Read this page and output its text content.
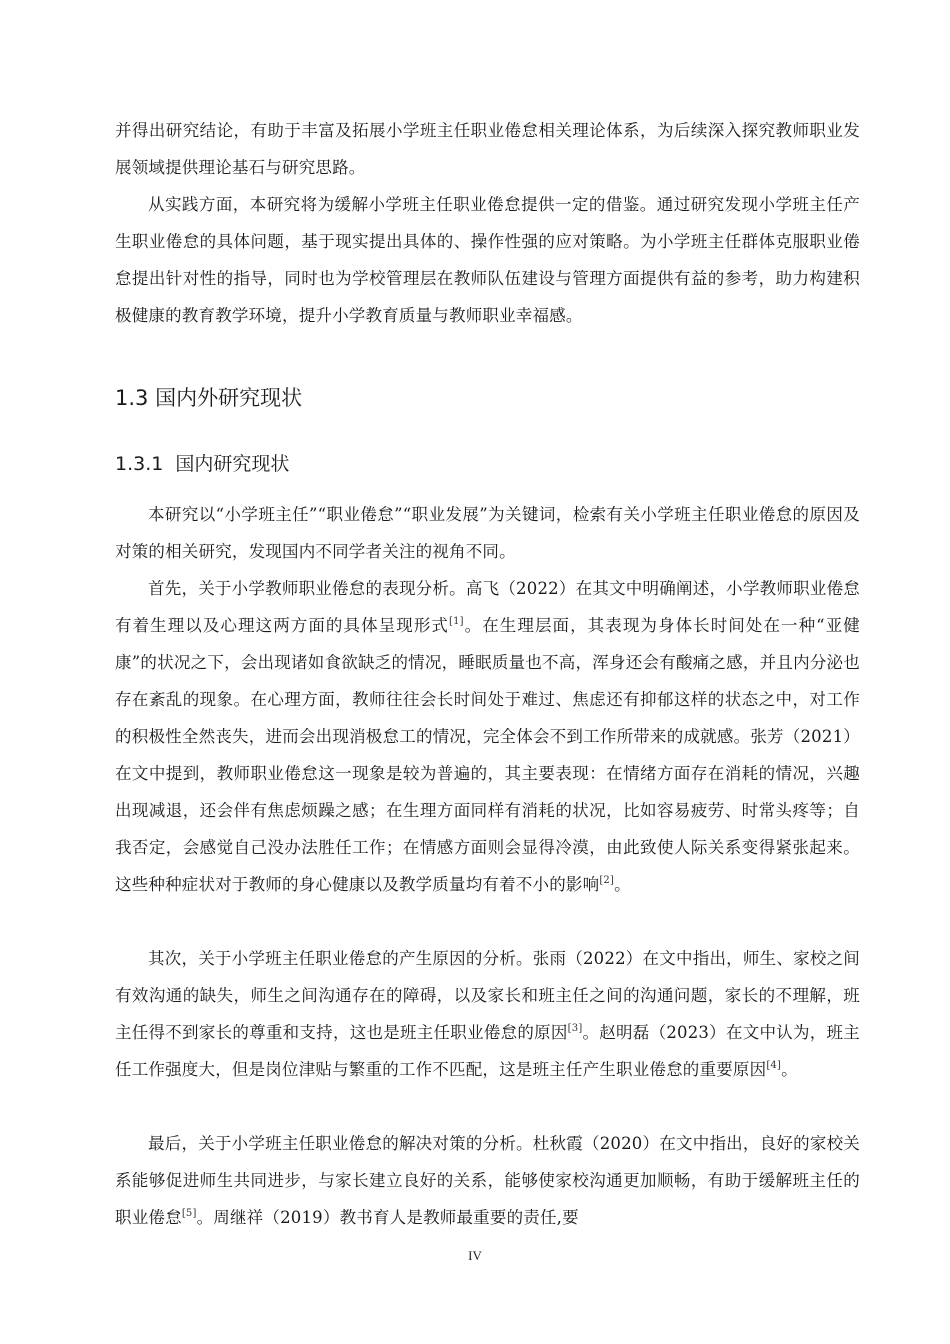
并得出研究结论，有助于丰富及拓展小学班主任职业倦怠相关理论体系，为后续深入探究教师职业发展领域提供理论基石与研究思路。

从实践方面，本研究将为缓解小学班主任职业倦怠提供一定的借鉴。通过研究发现小学班主任产生职业倦怠的具体问题，基于现实提出具体的、操作性强的应对策略。为小学班主任群体克服职业倦怠提出针对性的指导，同时也为学校管理层在教师队伍建设与管理方面提供有益的参考，助力构建积极健康的教育教学环境，提升小学教育质量与教师职业幸福感。

1.3 国内外研究现状
1.3.1 国内研究现状

本研究以“小学班主任”“职业倦怠”“职业发展”为关键词，检索有关小学班主任职业倦怠的原因及对策的相关研究，发现国内不同学者关注的视角不同。

首先，关于小学教师职业倦怠的表现分析。高飞（2022）在其文中明确阐述，小学教师职业倦怠有着生理以及心理这两方面的具体呈现形式[1]。在生理层面，其表现为身体长时间处在一种“亚健康”的状况之下，会出现诸如食欲缺乏的情况，睡眠质量也不高，浑身还会有酸痛之感，并且内分泌也存在紊乱的现象。在心理方面，教师往往会长时间处于难过、焦虑还有抑郁这样的状态之中，对工作的积极性全然丧失，进而会出现消极怠工的情况，完全体会不到工作所带来的成就感。张芳（2021）在文中提到，教师职业倦怠这一现象是较为普遍的，其主要表现：在情绪方面存在消耗的情况，兴趣出现减退，还会伴有焦虑烦躁之感；在生理方面同样有消耗的状况，比如容易疲劳、时常头疼等；自我否定，会感觉自己没办法胜任工作；在情感方面则会显得冷漠，由此致使人际关系变得紧张起来。这些种种症状对于教师的身心健康以及教学质量均有着不小的影响[2]。

其次，关于小学班主任职业倦怠的产生原因的分析。张雨（2022）在文中指出，师生、家校之间有效沟通的缺失，师生之间沟通存在的障碍，以及家长和班主任之间的沟通问题，家长的不理解，班主任得不到家长的尊重和支持，这也是班主任职业倦怠的原因[3]。赵明磊（2023）在文中认为，班主任工作强度大，但是岗位津贴与繁重的工作不匹配，这是班主任产生职业倦怠的重要原因[4]。

最后，关于小学班主任职业倦怠的解决对策的分析。杜秋霞（2020）在文中指出，良好的家校关系能够促进师生共同进步，与家长建立良好的关系，能够使家校沟通更加顺畅，有助于缓解班主任的职业倦怠[5]。周继祥（2019）教书育人是教师最重要的责任,要

IV
